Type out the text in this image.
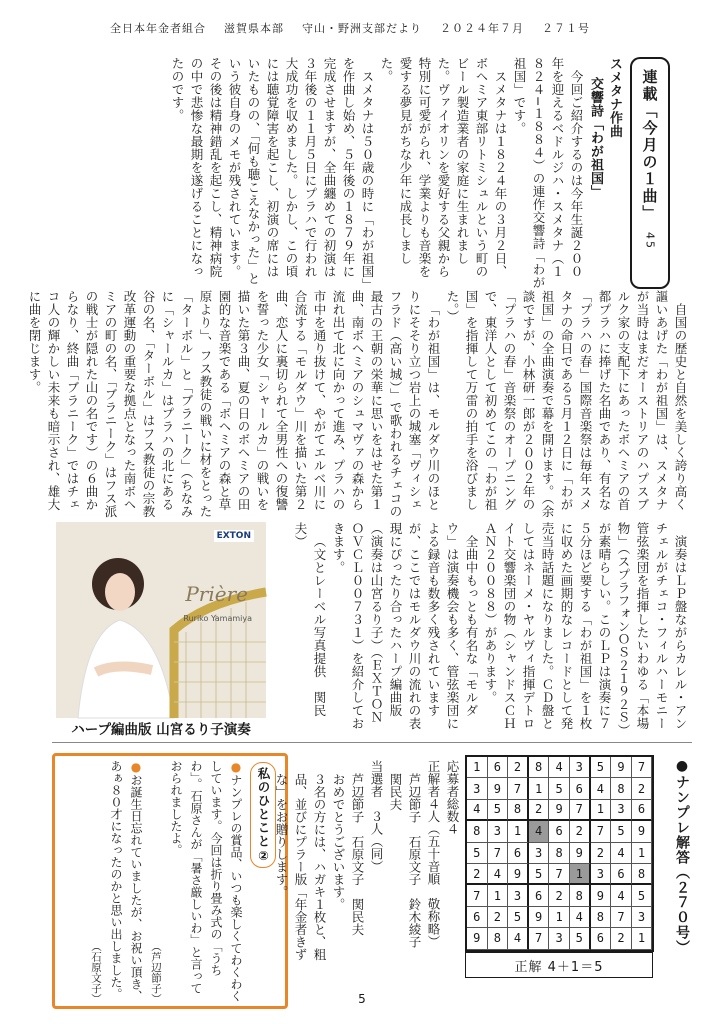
全日本年金者組合 滋賀県本部 守山・野洲支部だより ２０２４年７月 ２７１号
連載「今月の１曲」
45
スメタナ作曲
交響詩「わが祖国」

今回ご紹介するのは今年生誕２００年を迎えるベドルジハ・スメタナ（１８２４−１８８４）の連作交響詩「わが祖国」です。

スメタナは１８２４年の３月２日、ボヘミア東部リトミシュルという町のビール製造業者の家庭に生まれました。ヴァイオリンを愛好する父親から特別に可愛がられ、学業よりも音楽を愛する夢見がちな少年に成長しました。

スメタナは５０歳の時に「わが祖国」を作曲し始め、５年後の１８７９年に完成させますが、全曲纏めての初演は３年後の１１月５日にプラハで行われ大成功を収めました。しかし、この頃には聴覚障害を起こし、初演の席にはいたものの、「何も聴こえなかった」という彼自身のメモが残されています。その後は精神錯乱を起こし、精神病院の中で悲惨な最期を遂げることになったのです。

自国の歴史と自然を美しく誇り高く謳いあげた「わが祖国」は、スメタナが当時はまだオーストリアのハプスブルク家の支配下にあったボヘミアの首都プラハに捧げた名曲であり、有名な「プラハの春」国際音楽祭は毎年スメタナの命日である５月１２日に「わが祖国」の全曲演奏で幕を開けます。（余談ですが、小林研一郎が２００２年の「プラハの春」音楽祭のオープニングで、東洋人として初めてこの「わが祖国」を指揮して万雷の拍手を浴びました。）

「わが祖国」は、モルダウ川のほとりにそそり立つ岩上の城塞「ヴィシェフラド（高い城）」で歌われるチェコの最古の王朝の栄華に思いをはせた第１曲、南ボヘミアのシュマヴァの森から流れ出て北に向かって進み、プラハの市中を通り抜けて、やがてエルベ川に合流する「モルダウ」川を描いた第２曲、恋人に裏切られて全男性への復讐を誓った少女「シャールカ」の戦いを描いた第３曲、夏の日のボヘミアの田園的な音楽である「ボヘミアの森と草原より」、フス教徒の戦いに材をとった「ターボル」と「ブラニーク」（ちなみに「シャールカ」はプラハの北にある谷の名、「ターボル」はフス教徒の宗教改革運動の重要な拠点となった南ボヘミアの町の名、「ブラニーク」はフス派の戦士が隠れた山の名です）の６曲からなり、終曲「ブラニーク」ではチェコ人の輝かしい未来も暗示され、雄大に曲を閉じます。

演奏はＬＰ盤ながらカレル・アンチェルがチェコ・フィルハーモニー管弦楽団を指揮したいわゆる「本場物」（スプラフォンＯＳ２１９２Ｓ）が素晴らしい。このＬＰは演奏に７５分ほど要する「わが祖国」を１枚に収めた画期的なレコードとして発売当時話題になりました。ＣＤ盤としてはネーメ・ヤルヴィ指揮デトロイト交響楽団の物（シャンドスＣＨＡＮ２００８８）があります。

全曲中もっとも有名な「モルダウ」は演奏機会も多く、管弦楽団による録音も数多く残されていますが、ここではモルダウ川の流れの表現にぴったり合ったハープ編曲版（演奏は山宮るり子）（ＥＸＴＯＮ ＯＶＣＬ００７３１）を紹介しておきます。

（文とレーベル写真提供　関民夫）

EXTON
Prière
Ruriko Yamamiya
ハープ編曲版 山宮るり子演奏
私のひとこと②

●ナンプレの賞品、いつも楽しくてわくわくしています。今回は折り畳み式の「うちわ」。石原さんが「暑さ厳しいわ」と言っておられましたよ。

（芦辺節子）

●お誕生日忘れていましたが、お祝い頂き、あぁ８０才になったのかと思い出しました。

（石原文子）

応募者総数４

正解者４人（五十音順　敬称略）

芦辺節子　石原文子　鈴木綾子　関民夫

当選者　３人（同）

芦辺節子　石原文子　関民夫

おめでとうございます。

３名の方には、ハガキ１枚と、粗品、並びにプラー版「年金者きずな」をお贈りします。

●ナンプレ解答（２７０号）
1	6	2	8	4	3	5	9	7
3	9	7	1	5	6	4	8	2
4	5	8	2	9	7	1	3	6
8	3	1	4	6	2	7	5	9
5	7	6	3	8	9	2	4	1
2	4	9	5	7	1	3	6	8
7	1	3	6	2	8	9	4	5
6	2	5	9	1	4	8	7	3
9	8	4	7	3	5	6	2	1
正解 4＋1＝5
5
